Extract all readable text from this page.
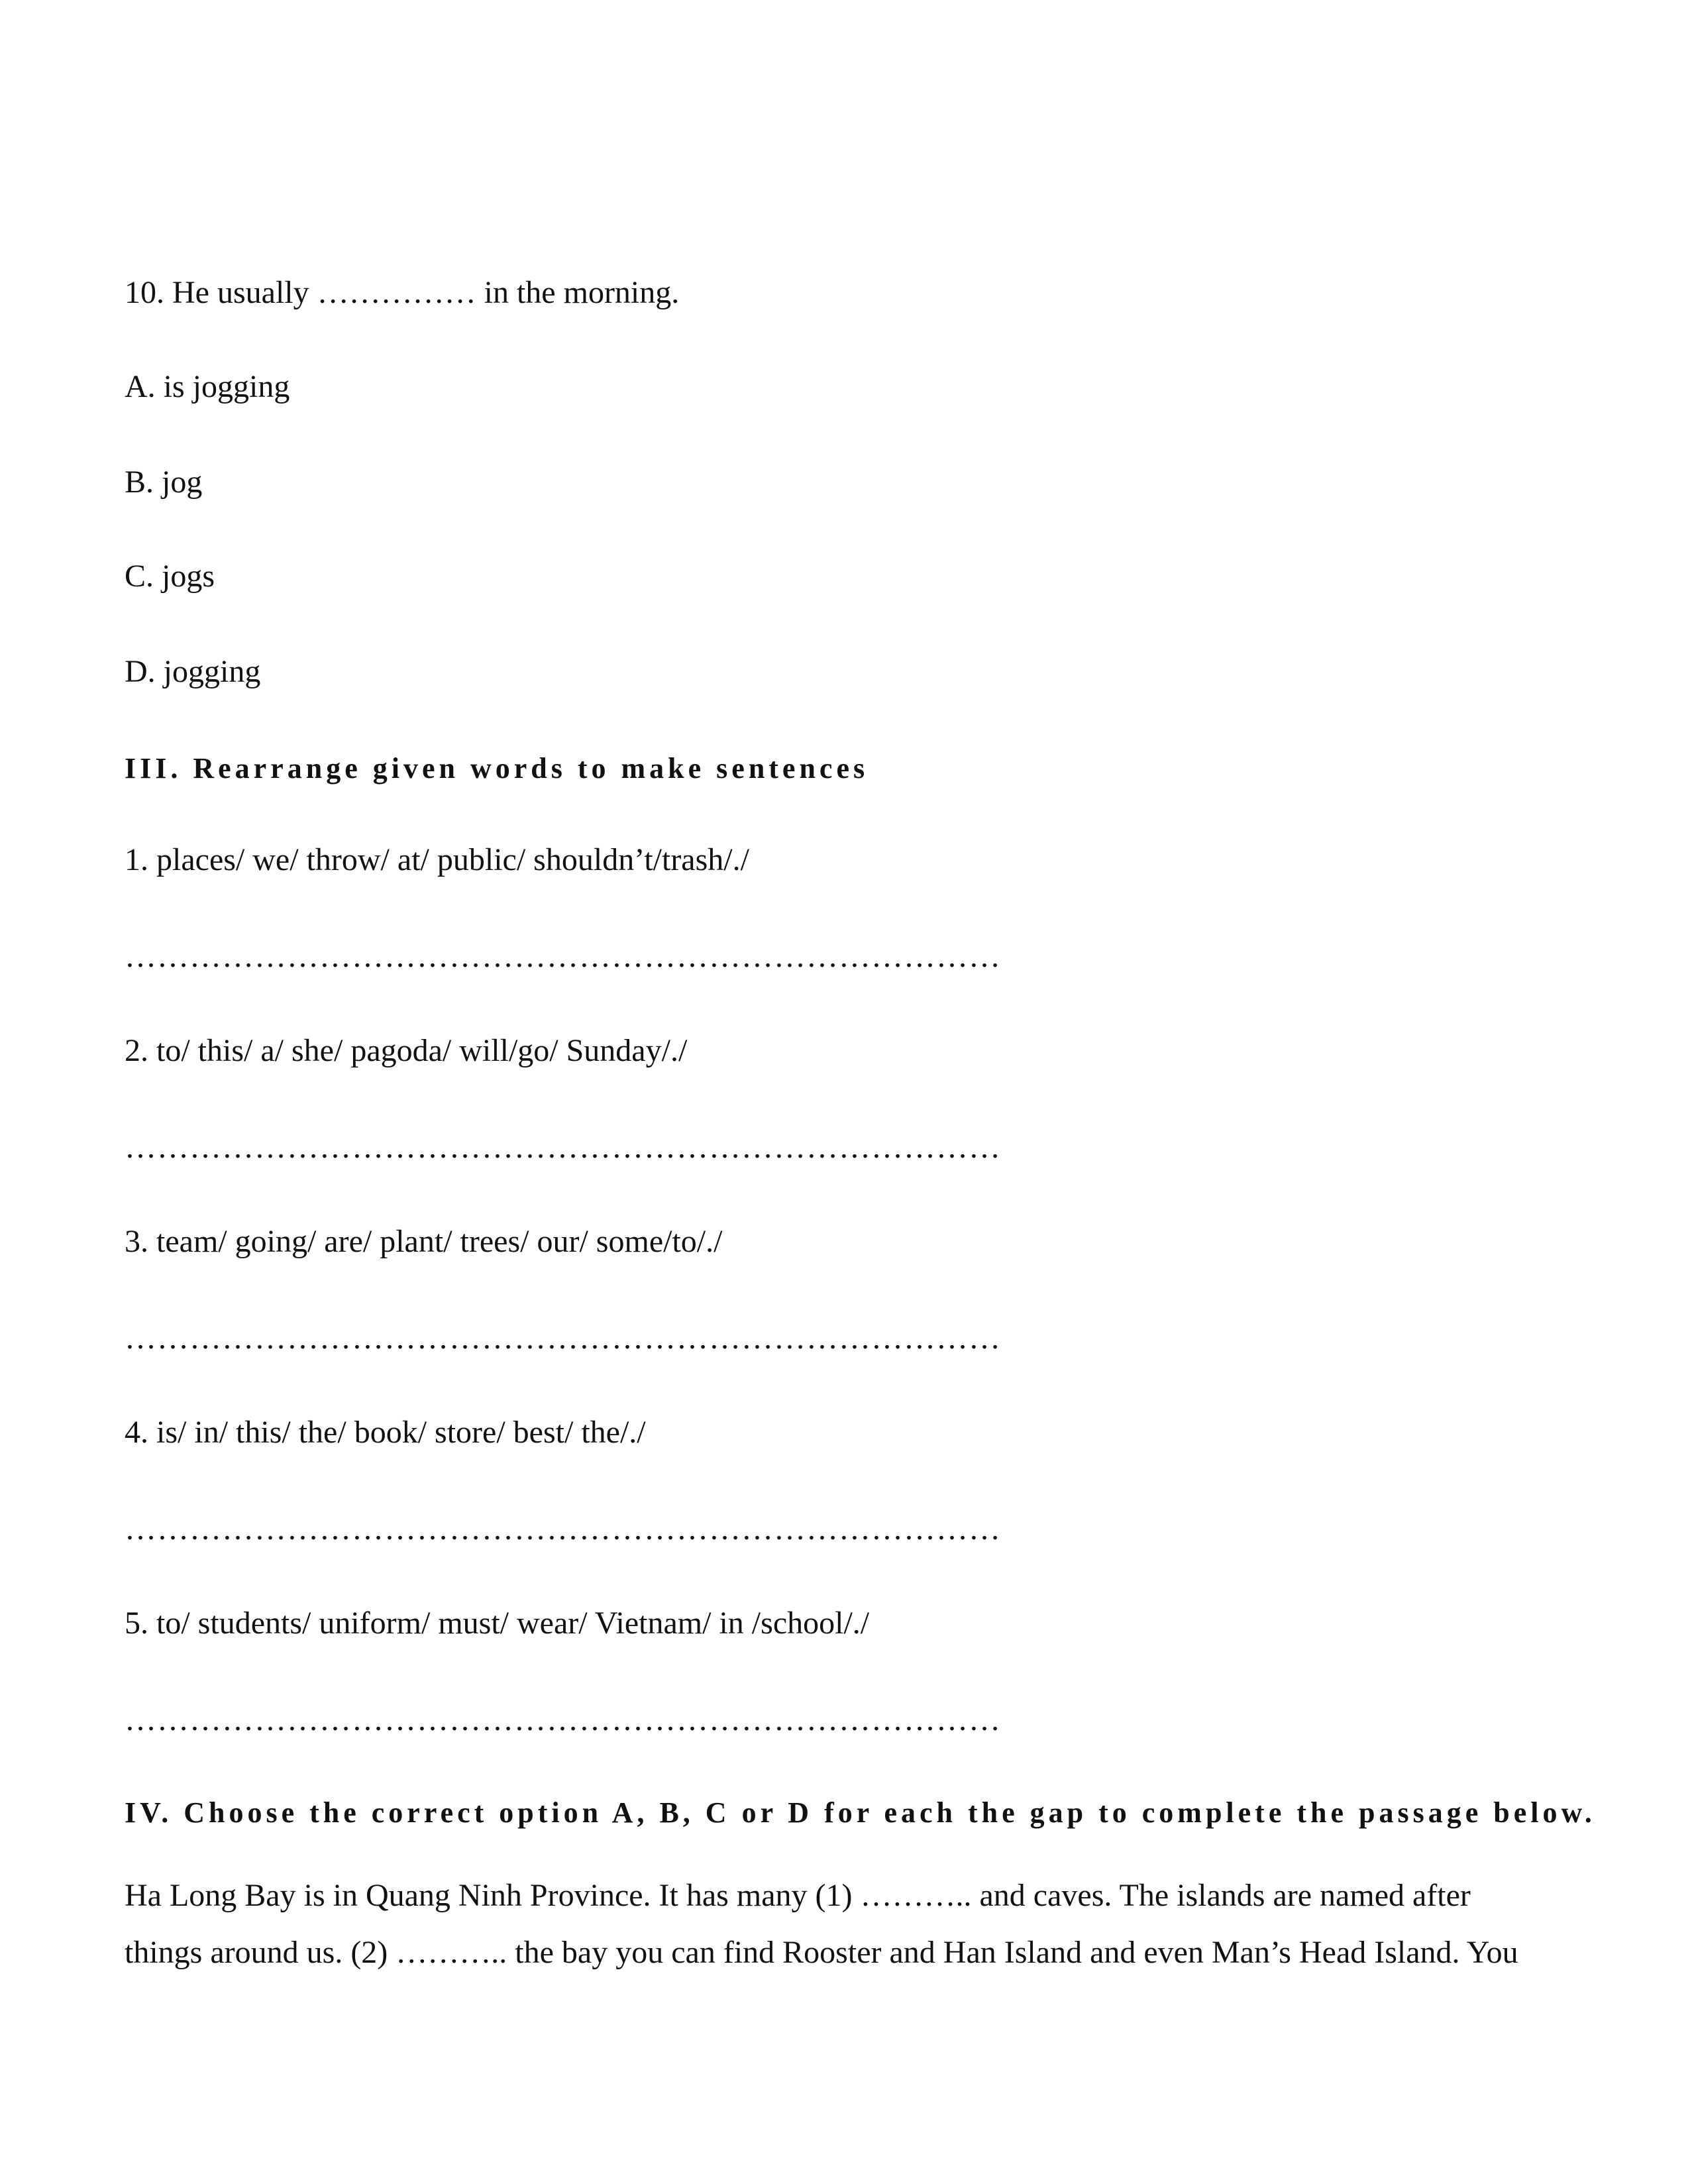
10. He usually …………… in the morning.
A. is jogging
B. jog
C. jogs
D. jogging
III. Rearrange given words to make sentences
1. places/ we/ throw/ at/ public/ shouldn’t/trash/./
………………………………………………………………………
2. to/ this/ a/ she/ pagoda/ will/go/ Sunday/./
………………………………………………………………………
3. team/ going/ are/ plant/ trees/ our/ some/to/./
………………………………………………………………………
4. is/ in/ this/ the/ book/ store/ best/ the/./
………………………………………………………………………
5. to/ students/ uniform/ must/ wear/ Vietnam/ in /school/./
………………………………………………………………………
IV. Choose the correct option A, B, C or D for each the gap to complete the passage below.

Ha Long Bay is in Quang Ninh Province. It has many (1) ……….. and caves. The islands are named after

things around us. (2) ……….. the bay you can find Rooster and Han Island and even Man’s Head Island. You
